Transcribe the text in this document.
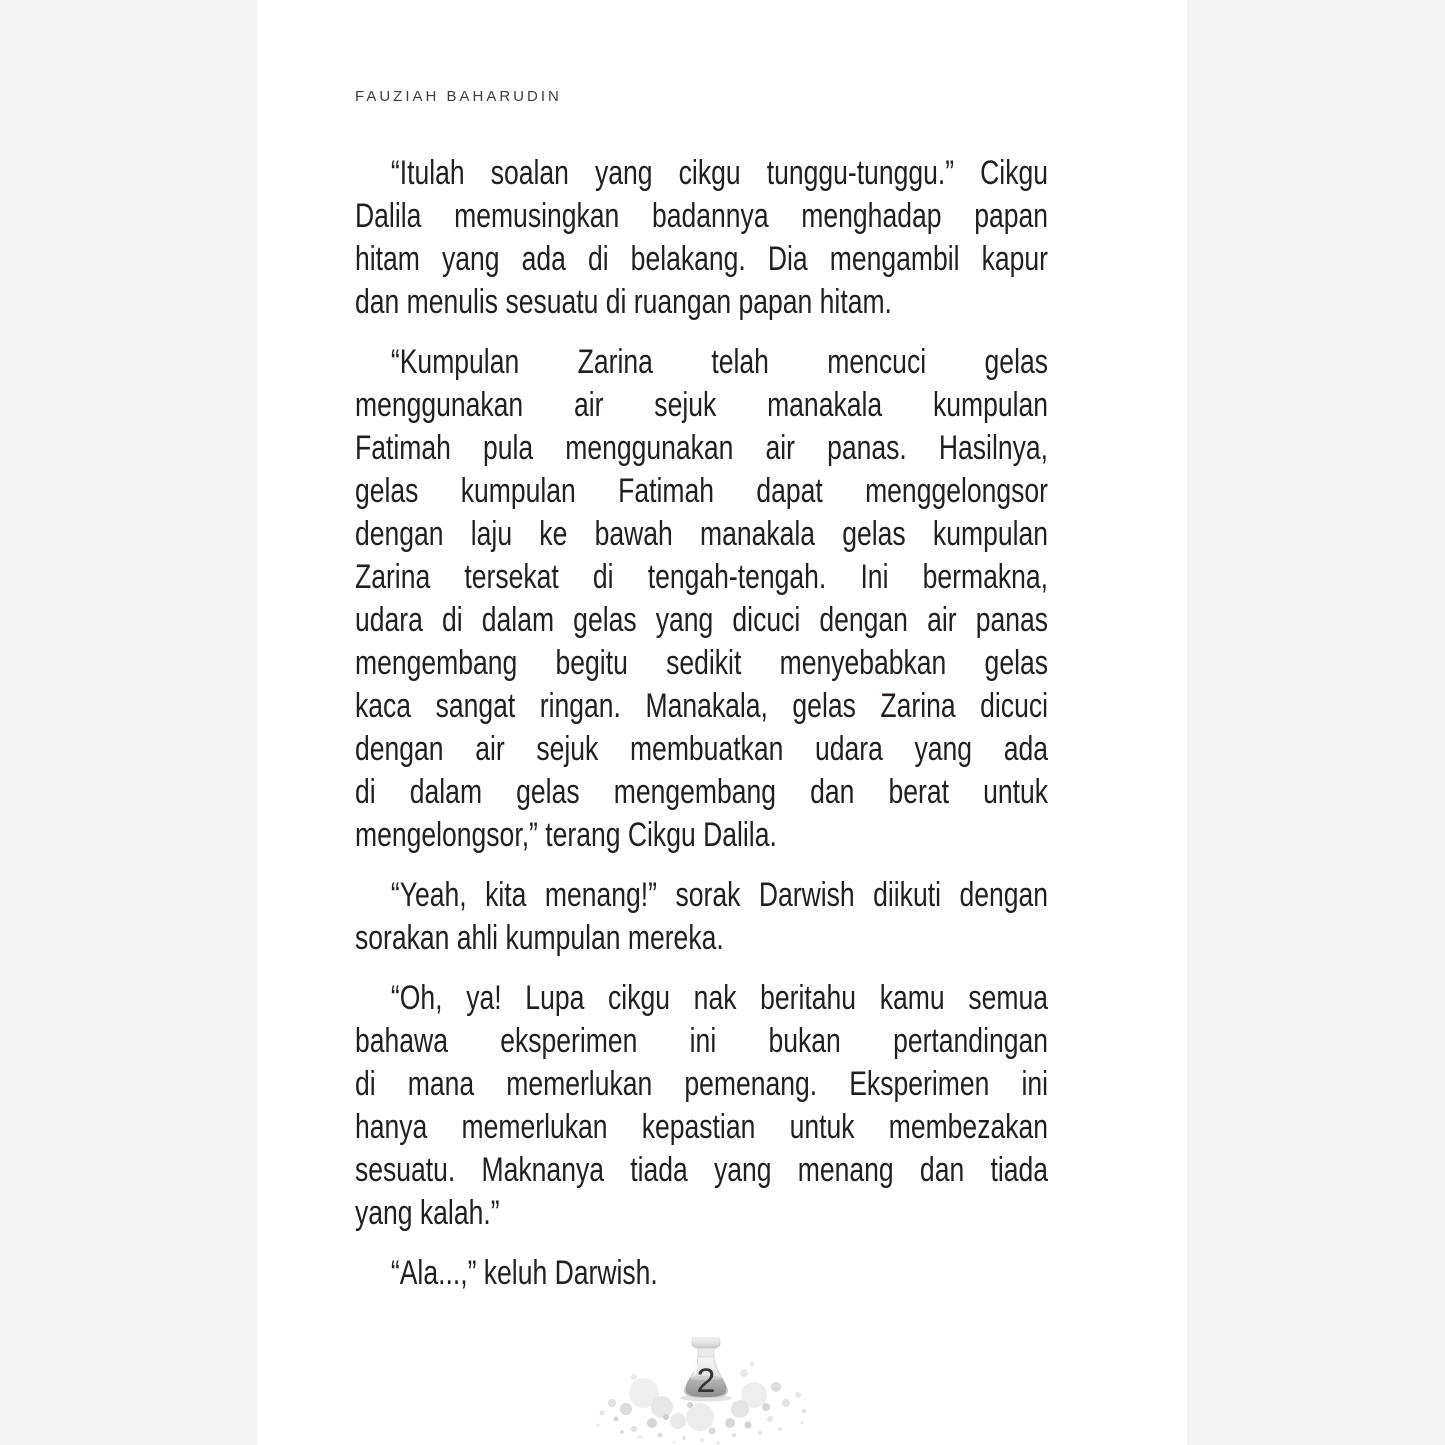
FAUZIAH BAHARUDIN
“Itulah soalan yang cikgu tunggu-tunggu.” Cikgu
Dalila memusingkan badannya menghadap papan
hitam yang ada di belakang. Dia mengambil kapur
dan menulis sesuatu di ruangan papan hitam.
“Kumpulan Zarina telah mencuci gelas
menggunakan air sejuk manakala kumpulan
Fatimah pula menggunakan air panas. Hasilnya,
gelas kumpulan Fatimah dapat menggelongsor
dengan laju ke bawah manakala gelas kumpulan
Zarina tersekat di tengah-tengah. Ini bermakna,
udara di dalam gelas yang dicuci dengan air panas
mengembang begitu sedikit menyebabkan gelas
kaca sangat ringan. Manakala, gelas Zarina dicuci
dengan air sejuk membuatkan udara yang ada
di dalam gelas mengembang dan berat untuk
mengelongsor,” terang Cikgu Dalila.
“Yeah, kita menang!” sorak Darwish diikuti dengan
sorakan ahli kumpulan mereka.
“Oh, ya! Lupa cikgu nak beritahu kamu semua
bahawa eksperimen ini bukan pertandingan
di mana memerlukan pemenang. Eksperimen ini
hanya memerlukan kepastian untuk membezakan
sesuatu. Maknanya tiada yang menang dan tiada
yang kalah.”
“Ala...,” keluh Darwish.
2
